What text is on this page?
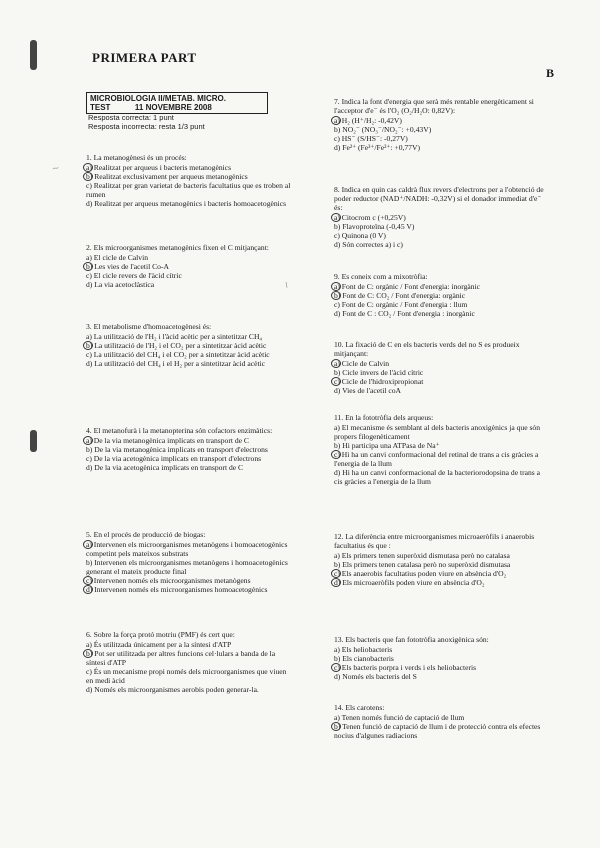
PRIMERA PART
B
MICROBIOLOGIA II/METAB. MICRO.
TEST           11 NOVEMBRE 2008
Resposta correcta: 1 punt
Resposta incorrecta: resta 1/3 punt
1. La metanogènesi és un procés:
a) Realitzat per arqueus i bacteris metanogènics
b) Realitzat exclusivament per arqueus metanogènics
c) Realitzat per gran varietat de bacteris facultatius que es troben al rumen
d) Realitzat per arqueus metanogènics i bacteris homoacetogènics
2. Els microorganismes metanogènics fixen el C mitjançant:
a) El cicle de Calvin
b) Les vies de l'acetil Co-A
c) El cicle revers de l'àcid cítric
d) La via acetoclàstica
3. El metabolisme d'homoacetogènesi és:
a) La utilització de l'H₂ i l'àcid acètic per a sintetitzar CH₄
b) La utilització de l'H₂ i el CO₂ per a sintetitzar àcid acètic
c) La utilització del CH₄ i el CO₂ per a sintetitzar àcid acètic
d) La utilització del CH₄ i el H₂ per a sintetitzar àcid acètic
4. El metanofurà i la metanopterina són cofactors enzimàtics:
a) De la via metanogènica implicats en transport de C
b) De la via metanogènica implicats en transport d'electrons
c) De la via acetogènica implicats en transport d'electrons
d) De la via acetogènica implicats en transport de C
5. En el procés de producció de biogas:
a) Intervenen els microorganismes metanògens i homoacetogènics competint pels mateixos substrats
b) Intervenen els microorganismes metanògens i homoacetogènics generant el mateix producte final
c) Intervenen només els microorganismes metanògens
d) Intervenen només els microorganismes homoacetogènics
6. Sobre la força protó motriu (PMF) és cert que:
a) És utilitzada únicament per a la síntesi d'ATP
b) Pot ser utilitzada per altres funcions cel·lulars a banda de la síntesi d'ATP
c) És un mecanisme propi només dels microorganismes que viuen en medi àcid
d) Només els microorganismes aerobis poden generar-la.
7. Indica la font d'energia que serà més rentable energèticament si l'acceptor d'e⁻ és l'O₂ (O₂/H₂O: 0,82V):
a) H₂ (H⁺/H₂: -0,42V)
b) NO₂⁻ (NO₃⁻/NO₂⁻: +0,43V)
c) HS⁻ (S/HS⁻: -0,27V)
d) Fe²⁺ (Fe³⁺/Fe²⁺: +0,77V)
8. Indica en quin cas caldrà flux revers d'electrons per a l'obtenció de poder reductor (NAD⁺/NADH: -0,32V) si el donador immediat d'e⁻ és:
a) Citocrom c (+0,25V)
b) Flavoproteïna (-0,45 V)
c) Quinona (0 V)
d) Són correctes a) i c)
9. Es coneix com a mixotròfia:
a) Font de C: orgànic / Font d'energia: inorgànic
b) Font de C: CO₂ / Font d'energia: orgànic
c) Font de C: orgànic / Font d'energia : llum
d) Font de C : CO₂ / Font d'energia : inorgànic
10. La fixació de C en els bacteris verds del no S es produeix mitjançant:
a) Cicle de Calvin
b) Cicle invers de l'àcid cítric
c) Cicle de l'hidroxipropionat
d) Vies de l'acetil coA
11. En la fototròfia dels arqueus:
a) El mecanisme és semblant al dels bacteris anoxigènics ja que són propers filogenèticament
b) Hi participa una ATPasa de Na⁺
c) Hi ha un canvi conformacional del retinal de trans a cis gràcies a l'energia de la llum
d) Hi ha un canvi conformacional de la bacteriorodopsina de trans a cis gràcies a l'energia de la llum
12. La diferència entre microorganismes microaeròfils i anaerobis facultatius és que :
a) Els primers tenen superòxid dismutasa però no catalasa
b) Els primers tenen catalasa però no superòxid dismutasa
c) Els anaerobis facultatius poden viure en absència d'O₂
d) Els microaeròfils poden viure en absència d'O₂
13. Els bacteris que fan fototròfia anoxigènica són:
a) Els heliobacteris
b) Els cianobacteris
c) Els bacteris porpra i verds i els heliobacteris
d) Només els bacteris del S
14. Els carotens:
a) Tenen només funció de captació de llum
b) Tenen funció de captació de llum i de protecció contra els efectes nocius d'algunes radiacions
~
~
